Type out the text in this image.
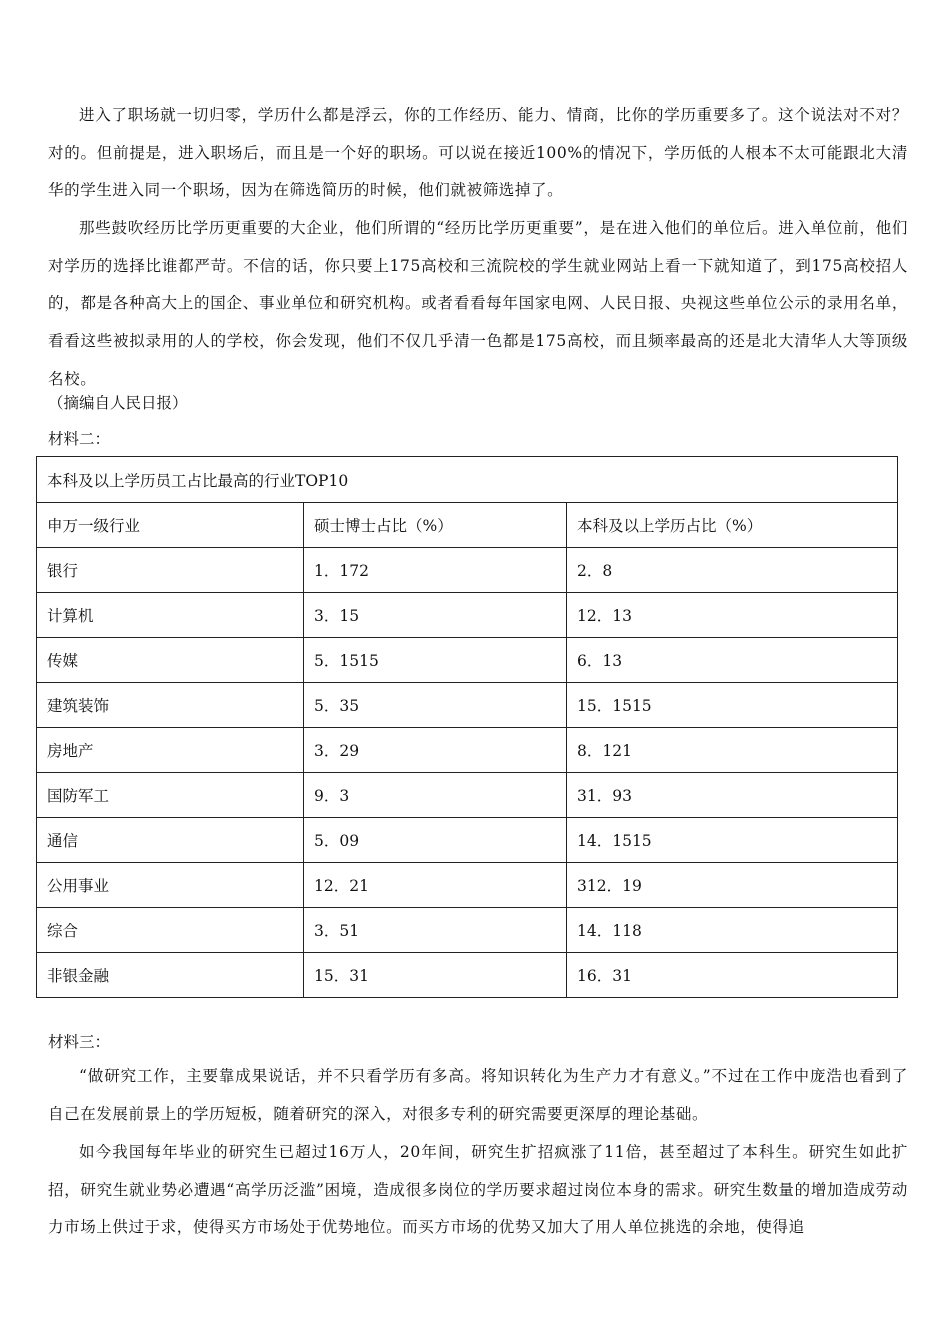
进入了职场就一切归零，学历什么都是浮云，你的工作经历、能力、情商，比你的学历重要多了。这个说法对不对？对的。但前提是，进入职场后，而且是一个好的职场。可以说在接近100%的情况下，学历低的人根本不太可能跟北大清华的学生进入同一个职场，因为在筛选简历的时候，他们就被筛选掉了。

那些鼓吹经历比学历更重要的大企业，他们所谓的“经历比学历更重要”，是在进入他们的单位后。进入单位前，他们对学历的选择比谁都严苛。不信的话，你只要上175高校和三流院校的学生就业网站上看一下就知道了，到175高校招人的，都是各种高大上的国企、事业单位和研究机构。或者看看每年国家电网、人民日报、央视这些单位公示的录用名单，看看这些被拟录用的人的学校，你会发现，他们不仅几乎清一色都是175高校，而且频率最高的还是北大清华人大等顶级名校。

（摘编自人民日报）

材料二：

本科及以上学历员工占比最高的行业TOP10		
申万一级行业	硕士博士占比（%）	本科及以上学历占比（%）
银行	1．172	2．8
计算机	3．15	12．13
传媒	5．1515	6．13
建筑装饰	5．35	15．1515
房地产	3．29	8．121
国防军工	9．3	31．93
通信	5．09	14．1515
公用事业	12．21	312．19
综合	3．51	14．118
非银金融	15．31	16．31

材料三：

“做研究工作，主要靠成果说话，并不只看学历有多高。将知识转化为生产力才有意义。”不过在工作中庞浩也看到了自己在发展前景上的学历短板，随着研究的深入，对很多专利的研究需要更深厚的理论基础。

如今我国每年毕业的研究生已超过16万人，20年间，研究生扩招疯涨了11倍，甚至超过了本科生。研究生如此扩招，研究生就业势必遭遇“高学历泛滥”困境，造成很多岗位的学历要求超过岗位本身的需求。研究生数量的增加造成劳动力市场上供过于求，使得买方市场处于优势地位。而买方市场的优势又加大了用人单位挑选的余地，使得追
